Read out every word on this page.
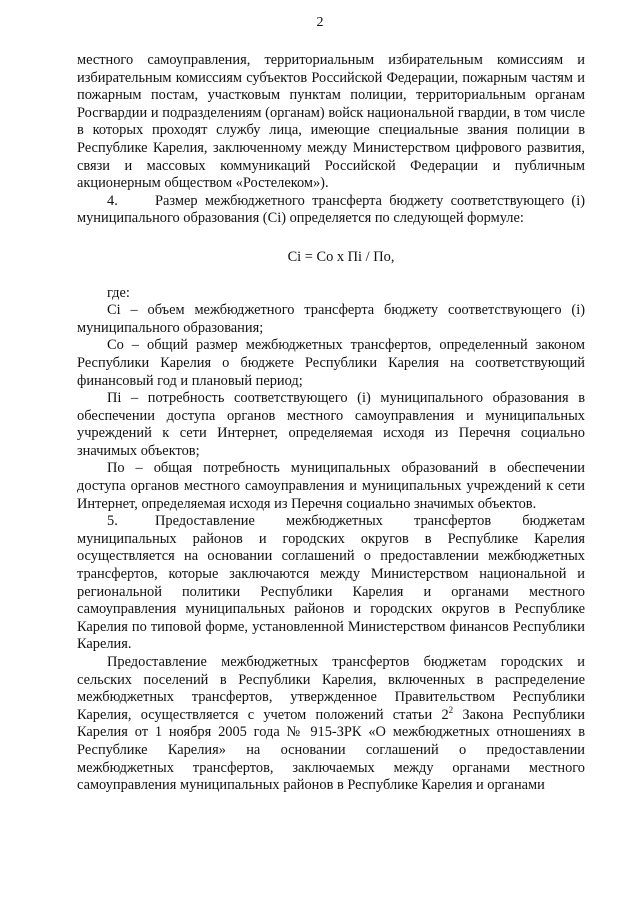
2

местного самоуправления, территориальным избирательным комиссиям и избирательным комиссиям субъектов Российской Федерации, пожарным частям и пожарным постам, участковым пунктам полиции, территориальным органам Росгвардии и подразделениям (органам) войск национальной гвардии, в том числе в которых проходят службу лица, имеющие специальные звания полиции в Республике Карелия, заключенному между Министерством цифрового развития, связи и массовых коммуникаций Российской Федерации и публичным акционерным обществом «Ростелеком»).

4.	Размер межбюджетного трансферта бюджету соответствующего (i) муниципального образования (Ci) определяется по следующей формуле:

Ci = Co x Пi / По,

где:

Ci – объем межбюджетного трансферта бюджету соответствующего (i) муниципального образования;

Co – общий размер межбюджетных трансфертов, определенный законом Республики Карелия о бюджете Республики Карелия на соответствующий финансовый год и плановый период;

Пi – потребность соответствующего (i) муниципального образования в обеспечении доступа органов местного самоуправления и муниципальных учреждений к сети Интернет, определяемая исходя из Перечня социально значимых объектов;

По – общая потребность муниципальных образований в обеспечении доступа органов местного самоуправления и муниципальных учреждений к сети Интернет, определяемая исходя из Перечня социально значимых объектов.

5.	Предоставление межбюджетных трансфертов бюджетам муниципальных районов и городских округов в Республике Карелия осуществляется на основании соглашений о предоставлении межбюджетных трансфертов, которые заключаются между Министерством национальной и региональной политики Республики Карелия и органами местного самоуправления муниципальных районов и городских округов в Республике Карелия по типовой форме, установленной Министерством финансов Республики Карелия.

Предоставление межбюджетных трансфертов бюджетам городских и сельских поселений в Республики Карелия, включенных в распределение межбюджетных трансфертов, утвержденное Правительством Республики Карелия, осуществляется с учетом положений статьи $2^2$ Закона Республики Карелия от 1 ноября 2005 года № 915-ЗРК «О межбюджетных отношениях в Республике Карелия» на основании соглашений о предоставлении межбюджетных трансфертов, заключаемых между органами местного самоуправления муниципальных районов в Республике Карелия и органами
